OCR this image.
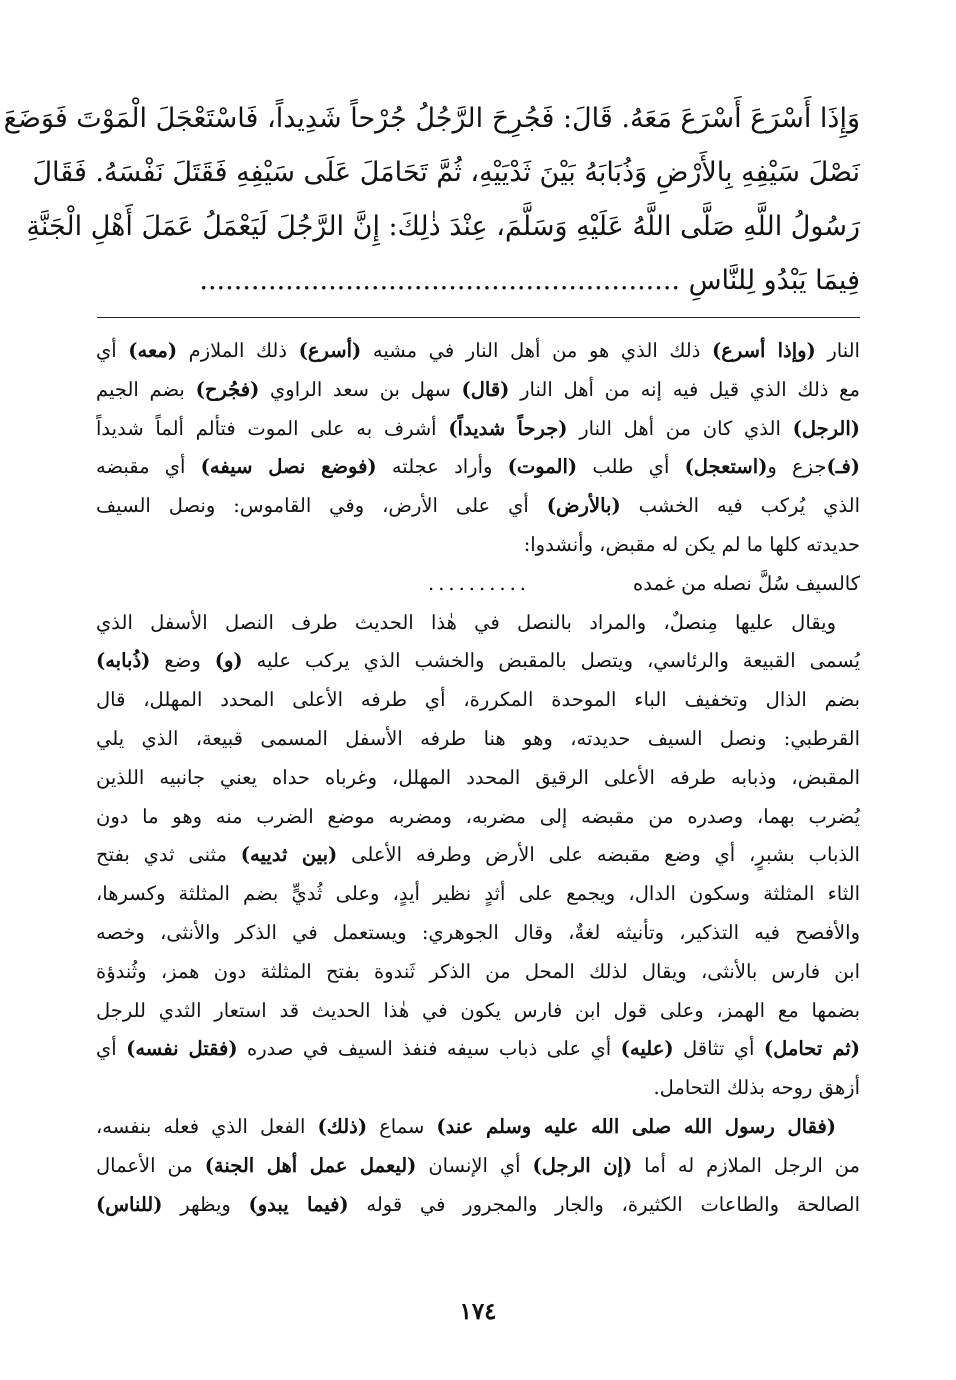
وَإِذَا أَسْرَعَ أَسْرَعَ مَعَهُ. قَالَ: فَجُرِحَ الرَّجُلُ جُرْحاً شَدِيداً، فَاسْتَعْجَلَ الْمَوْتَ فَوَضَعَ
نَصْلَ سَيْفِهِ بِالأَرْضِ وَذُبَابَهُ بَيْنَ ثَدْيَيْهِ، ثُمَّ تَحَامَلَ عَلَى سَيْفِهِ فَقَتَلَ نَفْسَهُ. فَقَالَ
رَسُولُ اللَّهِ صَلَّى اللَّهُ عَلَيْهِ وَسَلَّمَ، عِنْدَ ذٰلِكَ: إِنَّ الرَّجُلَ لَيَعْمَلُ عَمَلَ أَهْلِ الْجَنَّةِ
فِيمَا يَبْدُو لِلنَّاسِ ........................................................
النار (وإذا أسرع) ذلك الذي هو من أهل النار في مشيه (أسرع) ذلك الملازم (معه) أي
مع ذلك الذي قيل فيه إنه من أهل النار (قال) سهل بن سعد الراوي (فجُرح) بضم الجيم
(الرجل) الذي كان من أهل النار (جرحاً شديداً) أشرف به على الموت فتألم ألماً شديداً
(فـ)جزع و(استعجل) أي طلب (الموت) وأراد عجلته (فوضع نصل سيفه) أي مقبضه
الذي يُركب فيه الخشب (بالأرض) أي على الأرض، وفي القاموس: ونصل السيف
حديدته كلها ما لم يكن له مقبض، وأنشدوا:
كالسيف سُلَّ نصله من غمده..........
ويقال عليها مِنصلٌ، والمراد بالنصل في هٰذا الحديث طرف النصل الأسفل الذي
يُسمى القبيعة والرئاسي، ويتصل بالمقبض والخشب الذي يركب عليه (و) وضع (ذُبابه)
بضم الذال وتخفيف الباء الموحدة المكررة، أي طرفه الأعلى المحدد المهلل، قال
القرطبي: ونصل السيف حديدته، وهو هنا طرفه الأسفل المسمى قبيعة، الذي يلي
المقبض، وذبابه طرفه الأعلى الرقيق المحدد المهلل، وغرباه حداه يعني جانبيه اللذين
يُضرب بهما، وصدره من مقبضه إلى مضربه، ومضربه موضع الضرب منه وهو ما دون
الذباب بشبرٍ، أي وضع مقبضه على الأرض وطرفه الأعلى (بين ثدييه) مثنى ثدي بفتح
الثاء المثلثة وسكون الدال، ويجمع على أثدٍ نظير أيدٍ، وعلى ثُديٍّ بضم المثلثة وكسرها،
والأفصح فيه التذكير، وتأنيثه لغةٌ، وقال الجوهري: ويستعمل في الذكر والأنثى، وخصه
ابن فارس بالأنثى، ويقال لذلك المحل من الذكر ثَندوة بفتح المثلثة دون همز، وثُندؤة
بضمها مع الهمز، وعلى قول ابن فارس يكون في هٰذا الحديث قد استعار الثدي للرجل
(ثم تحامل) أي تثاقل (عليه) أي على ذباب سيفه فنفذ السيف في صدره (فقتل نفسه) أي
أزهق روحه بذلك التحامل.
(فقال رسول الله صلى الله عليه وسلم عند) سماع (ذلك) الفعل الذي فعله بنفسه،
من الرجل الملازم له أما (إن الرجل) أي الإنسان (ليعمل عمل أهل الجنة) من الأعمال
الصالحة والطاعات الكثيرة، والجار والمجرور في قوله (فيما يبدو) ويظهر (للناس)
١٧٤
